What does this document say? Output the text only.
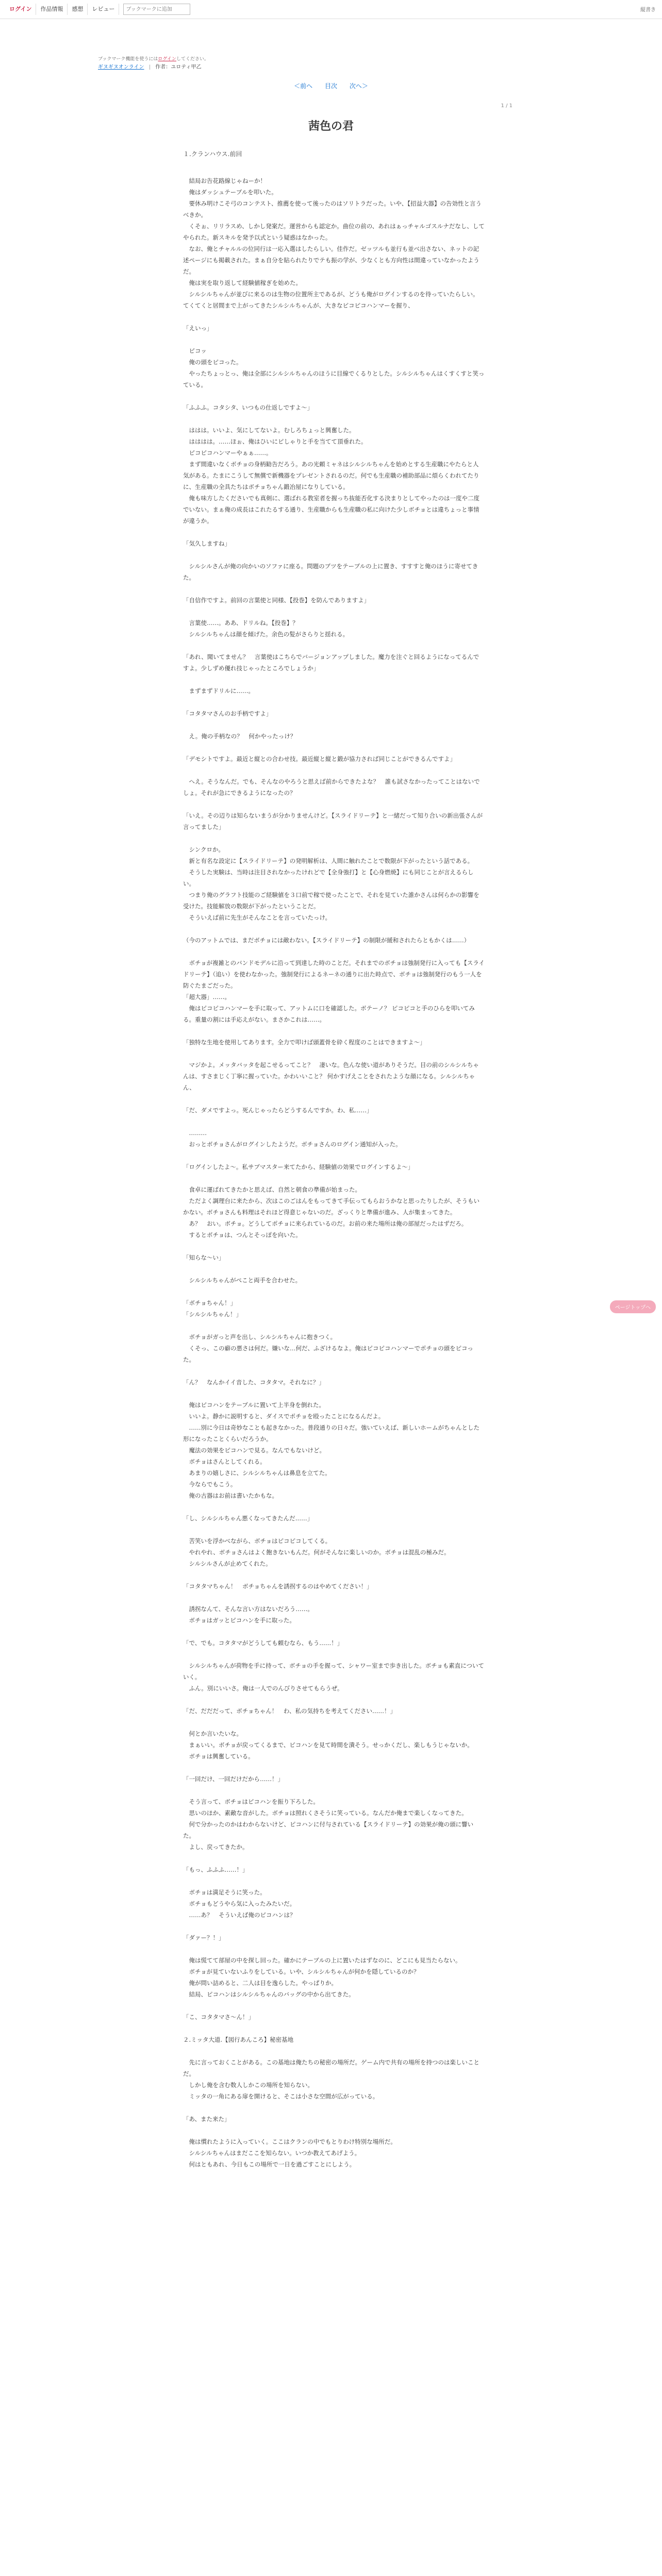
ログイン	作品情報	感想	レビュー
ブックマークに追加	縦書き
ブックマーク機能を使うにはログインしてください。
ギヌギヌオンライン | 作者：ユロティ甲乙
＜前へ 目次 次へ＞
1 / 1
茜色の君
１.クランハウス.前回

　結局お告花路線じゃねーか！
　俺はダッシュテーブルを叩いた。
　要休み明けこそ弓のコンテスト、推薦を使って後ったのはソリトラだった。いや、【招益大器】の告効性と言うべきか。
　くそぉ、リリラスめ、しかし発案だ。運営からも認定か。曲位の前の、あれはぁっチャルゴスルナだなし、してやられた。新スキルを発予以式という疑惑はなかった。
　なお、俺とチャルルの位同行は一応入選はしたらしい。佳作だ。ゼッツルも並行も並べ出さない、ネットの記述ページにも掲載された。まぁ自分を貼られたりでテも振の学が、少なくとも方向性は間違っていなかったようだ。
　俺は実を取り返して経験値稼ぎを始めた。
　シルシルちゃんが並びに来るのは生物の位置所主であるが、どうも俺がログインするのを待っていたらしい。てくてくと居間まで上がってきたシルシルちゃんが、大きなピコピコハンマーを握り、

「えいっ」

　ピコッ
　俺の頭をピコった。
　やったちょっとっ、俺は全部にシルシルちゃんのほうに目線でくるりとした。シルシルちゃんはくすくすと笑っている。

「ふふふ。コタシタ、いつもの仕返しですよ～」

　ははは。いいよ、気にしてないよ。むしろちょっと興奮した。
　はははは。……ほぉ、俺はひいにピしゃりと手を当てて頂垂れた。
　ピコピコハンマーやぁぁ……。
　まず間違いなくボチョの身柄勧告だろう。あの光頼ミャネはシルシルちゃんを始めとする生産職にやたらと人気がある。たまにこうして無償で新機器をプレゼントされるのだ。何でも生産職の補助部品に煩らくわれてたりに、生産職の全具たちはボチョちゃん鍛冶屋になりしている。
　俺も味方したくださいでも真剣に、選ばれる教室者を握っち抜能否化する決まりとしてやったのは一度や二度でいない。まぁ俺の成長はこれたるする通り、生産職からも生産職の私に向けた少しボチョとは違ちょっと事情が違うか。

「気久しますね」

　シルシルさんが俺の向かいのソファに座る。問題のブツをテーブルの上に置き、すすすと俺のほうに寄せてきた。

「自信作ですよ。前回の言葉使と同様、【投巻】を防んでありますよ」

　言葉使……。ああ、ドリルね。【投巻】？
　シルシルちゃんは顔を傾げた。余色の髪がさらりと揺れる。

「あれ、聞いてません？　言葉使はこちらでバージョンアップしました。魔力を注ぐと回るようになってるんですよ。少しずめ優れ技じゃったところでしょうか」

　まずまずドリルに……。

「コタタマさんのお手柄ですよ」

　え。俺の手柄なの？　何かやったっけ？

「デモシトですよ。最近と縦との合わせ技。最近縦と縦と鍛が協力されば同じことができるんですよ」

　へえ。そうなんだ。でも、そんなのやろうと思えば前からできたよな？　誰も試さなかったってことはないでしょ。それが急にできるようになったの？

「いえ。その辺りは知らないまうが分かりませんけど。【スライドリーテ】と一緒だって知り合いの新出張さんが言ってました」

　シンクロか。
　新と有名な設定に【スライドリーテ】の発明解析は、人間に触れたことで数限が下がったという話である。
　そうした実験は、当時は注目されなかったけれどで【全身強打】と【心身燃焼】にも同じことが言えるらしい。
　つまり俺のグラフト技能のご経験値を３口前で稼で使ったことで、それを見ていた誰かさんは何らかの影響を受けた。技能解放の数限が下がったということだ。
　そういえば前に先生がそんなことを言っていたっけ。

（今のアットムでは、まだボチョには敵わない。【スライドリーテ】の制限が緩和されたらともかくは……）

　ボチョが複雑とのバンドモデルに沿って到達した時のことだ。それまでのボチョは強制発行に入っても【スライドリーテ】（追い）を使わなかった。強制発行によるネーネの通りに出た時点で、ボチョは強制発行のもう一人を防ぐたまごだった。
「超大器」……。
　俺はピコピコハンマーを手に取って、アットムに口を確認した。ボテーノ？ ピコピコと手のひらを叩いてみる。重量の割には手応えがない。まさかこれは……。

「独特な生地を使用してあります。全力で叩けば頭蓋骨を砕く程度のことはできますよ～」

　マジかよ。メッタバッタを起こせるってこと？　凄いな。色んな使い道がありそうだ。目の前のシルシルちゃんは、すさまじく丁寧に握っていた。かわいいこと？ 何かすげえことをされたような顔になる。シルシルちゃん、

「だ、ダメですよっ。死んじゃったらどうするんですか。わ、私……」

　………
　おっとボチョさんがログインしたようだ。ボチョさんのログイン通知が入った。

「ログインしたよ～。私サブマスター来てたから、経験値の効果でログインするよ～」

　食卓に運ばれてきたかと思えば、自然と朝食の準備が始まった。
　ただよく調理台に来たから、次はこのごはんをもってきて手伝ってもらおうかなと思ったりしたが、そうもいかない。ボチョさんも料理はそれほど得意じゃないのだ。ざっくりと準備が進み、人が集まってきた。
　あ？　おい。ボチョ。どうしてポチョに来られているのだ。お前の来た場所は俺の部屋だったはずだろ。
　するとボチョは、つんとそっぽを向いた。

「知らな～い」

　シルシルちゃんがぺこと両手を合わせた。

「ボチョちゃん！」
「シルシルちゃん！」

　ボチョがガっと声を出し、シルシルちゃんに抱きつく。
　くそっ、この癖の悪さは何だ。嫌いな…何だ、ふざけるなよ。俺はピコピコハンマーでポチョの頭をピコった。

「ん？　なんかイイ音した、コタタマ。それなに？」

　俺はピコハンをテーブルに置いて上半身を倒れた。
　いいよ。静かに説明すると、ダイスでポチョを殴ったことになるんだよ。
　……別に今日は奇妙なことも起きなかった。普段通りの日々だ。強いていえば、新しいホームがちゃんとした形になったことくらいだろうか。
　魔法の効果をピコハンで見る。なんでもないけど。
　ボチョはさんとしてくれる。
　あまりの嬉しさに、シルシルちゃんは鼻息を立てた。
　今ならでもこう。
　俺の古器はお前は書いたかもな。

「し、シルシルちゃん悪くなってきたんだ……」

　苦笑いを浮かべながら、ボチョはピコピコしてくる。
　やれやれ、ボチョさんはよく飽きないもんだ。何がそんなに楽しいのか。ボチョは混乱の極みだ。
　シルシルさんが止めてくれた。

「コタタマちゃん！　ボチョちゃんを誘拐するのはやめてください！」

　誘拐なんて、そんな言い方はないだろう……。
　ボチョはガッとピコハンを手に取った。

「で、でも。コタタマがどうしても頼むなら、もう……！」

　シルシルちゃんが荷物を手に持って、ボチョの手を握って、シャワー室まで歩き出した。ボチョも素直についていく。
　ふん。別にいいさ。俺は一人でのんびりさせてもらうぜ。

「だ、だだだって、ボチョちゃん！　わ、私の気持ちを考えてください……！」

　何とか言いたいな。
　まぁいい。ボチョが戻ってくるまで、ピコハンを見て時間を潰そう。せっかくだし、楽しもうじゃないか。
　ボチョは興奮している。

「一回だけ、一回だけだから……！」

　そう言って、ボチョはピコハンを振り下ろした。
　思いのほか、素敵な音がした。ボチョは照れくさそうに笑っている。なんだか俺まで楽しくなってきた。
　何で分かったのかはわからないけど、ピコハンに付与されている【スライドリーテ】の効果が俺の頭に響いた。
　よし、戻ってきたか。

「もっ、ふふふ……！」

　ボチョは満足そうに笑った。
　ボチョもどうやら気に入ったみたいだ。
　……あ？　そういえば俺のピコハンは？

「ダァー？！」

　俺は慌てて部屋の中を探し回った。確かにテーブルの上に置いたはずなのに、どこにも見当たらない。
　ボチョが見ていないふりをしている。いや、シルシルちゃんが何かを隠しているのか？
　俺が問い詰めると、二人は目を逸らした。やっぱりか。
　結局、ピコハンはシルシルちゃんのバッグの中から出てきた。

「こ、コタタマさ～ん！」

２.ミッタ大道.【図行あんころ】秘密基地

　先に言っておくことがある。この基地は俺たちの秘密の場所だ。ゲーム内で共有の場所を持つのは楽しいことだ。
　しかし俺を含む数人しかこの場所を知らない。
　ミッタの一角にある扉を開けると、そこは小さな空間が広がっている。

「あ、また来た」

　俺は慣れたように入っていく。ここはクランの中でもとりわけ特別な場所だ。
　シルシルちゃんはまだここを知らない。いつか教えてあげよう。
　何はともあれ、今日もこの場所で一日を過ごすことにしよう。

ページトップへ
